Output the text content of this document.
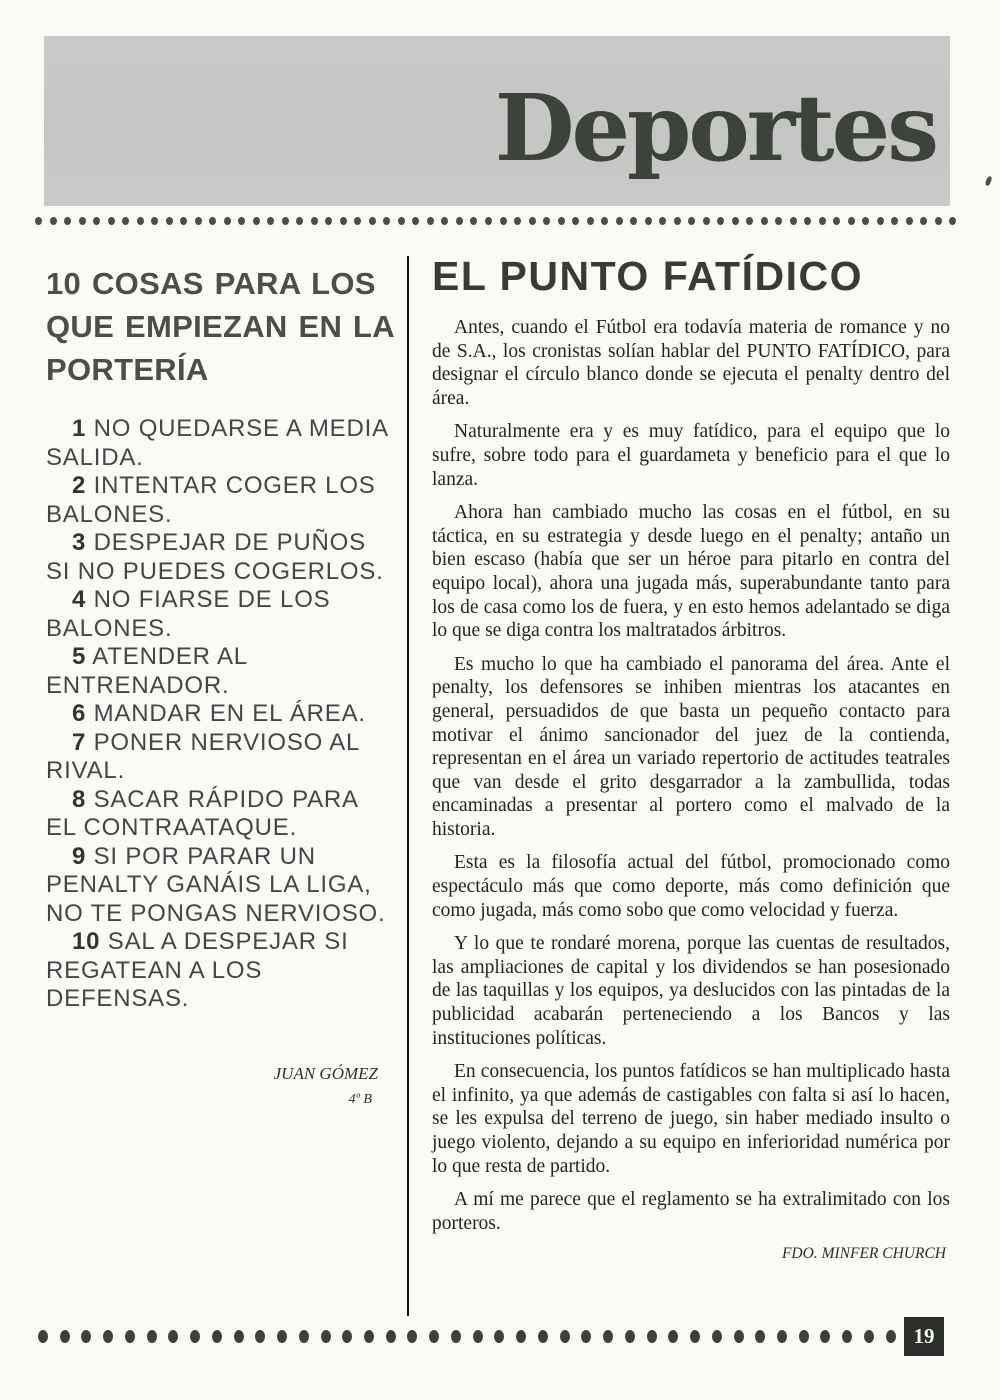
Deportes
10 COSAS PARA LOS QUE EMPIEZAN EN LA PORTERÍA

1 NO QUEDARSE A MEDIA SALIDA.

2 INTENTAR COGER LOS BALONES.

3 DESPEJAR DE PUÑOS SI NO PUEDES COGERLOS.

4 NO FIARSE DE LOS BALONES.

5 ATENDER AL ENTRENADOR.

6 MANDAR EN EL ÁREA.

7 PONER NERVIOSO AL RIVAL.

8 SACAR RÁPIDO PARA EL CONTRAATAQUE.

9 SI POR PARAR UN PENALTY GANÁIS LA LIGA, NO TE PONGAS NERVIOSO.

10 SAL A DESPEJAR SI REGATEAN A LOS DEFENSAS.

JUAN GÓMEZ
4º B
EL PUNTO FATÍDICO

Antes, cuando el Fútbol era todavía materia de romance y no de S.A., los cronistas solían hablar del PUNTO FATÍDICO, para designar el círculo blanco donde se ejecuta el penalty dentro del área.

Naturalmente era y es muy fatídico, para el equipo que lo sufre, sobre todo para el guardameta y beneficio para el que lo lanza.

Ahora han cambiado mucho las cosas en el fútbol, en su táctica, en su estrategia y desde luego en el penalty; antaño un bien escaso (había que ser un héroe para pitarlo en contra del equipo local), ahora una jugada más, superabundante tanto para los de casa como los de fuera, y en esto hemos adelantado se diga lo que se diga contra los maltratados árbitros.

Es mucho lo que ha cambiado el panorama del área. Ante el penalty, los defensores se inhiben mientras los atacantes en general, persuadidos de que basta un pequeño contacto para motivar el ánimo sancionador del juez de la contienda, representan en el área un variado repertorio de actitudes teatrales que van desde el grito desgarrador a la zambullida, todas encaminadas a presentar al portero como el malvado de la historia.

Esta es la filosofía actual del fútbol, promocionado como espectáculo más que como deporte, más como definición que como jugada, más como sobo que como velocidad y fuerza.

Y lo que te rondaré morena, porque las cuentas de resultados, las ampliaciones de capital y los dividendos se han posesionado de las taquillas y los equipos, ya deslucidos con las pintadas de la publicidad acabarán perteneciendo a los Bancos y las instituciones políticas.

En consecuencia, los puntos fatídicos se han multiplicado hasta el infinito, ya que además de castigables con falta si así lo hacen, se les expulsa del terreno de juego, sin haber mediado insulto o juego violento, dejando a su equipo en inferioridad numérica por lo que resta de partido.

A mí me parece que el reglamento se ha extralimitado con los porteros.

FDO. MINFER CHURCH
19
